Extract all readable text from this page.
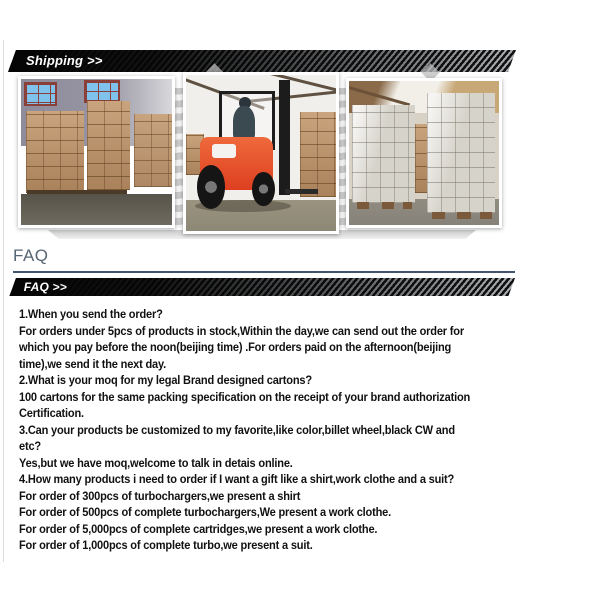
Shipping >>
FAQ
FAQ >>
1.When you send the order?
For orders under 5pcs of products in stock,Within the day,we can send out the order for
which you pay before the noon(beijing time) .For orders paid on the afternoon(beijing
time),we send it the next day.
2.What is your moq for my legal Brand designed cartons?
100 cartons for the same packing specification on the receipt of your brand authorization
Certification.
3.Can your products be customized to my favorite,like color,billet wheel,black CW and
etc?
Yes,but we have moq,welcome to talk in detais online.
4.How many products i need to order if I want a gift like a shirt,work clothe and a suit?
For order of 300pcs of turbochargers,we present a shirt
For order of 500pcs of complete turbochargers,We present a work clothe.
For order of 5,000pcs of complete cartridges,we present a work clothe.
For order of 1,000pcs of complete turbo,we present a suit.
